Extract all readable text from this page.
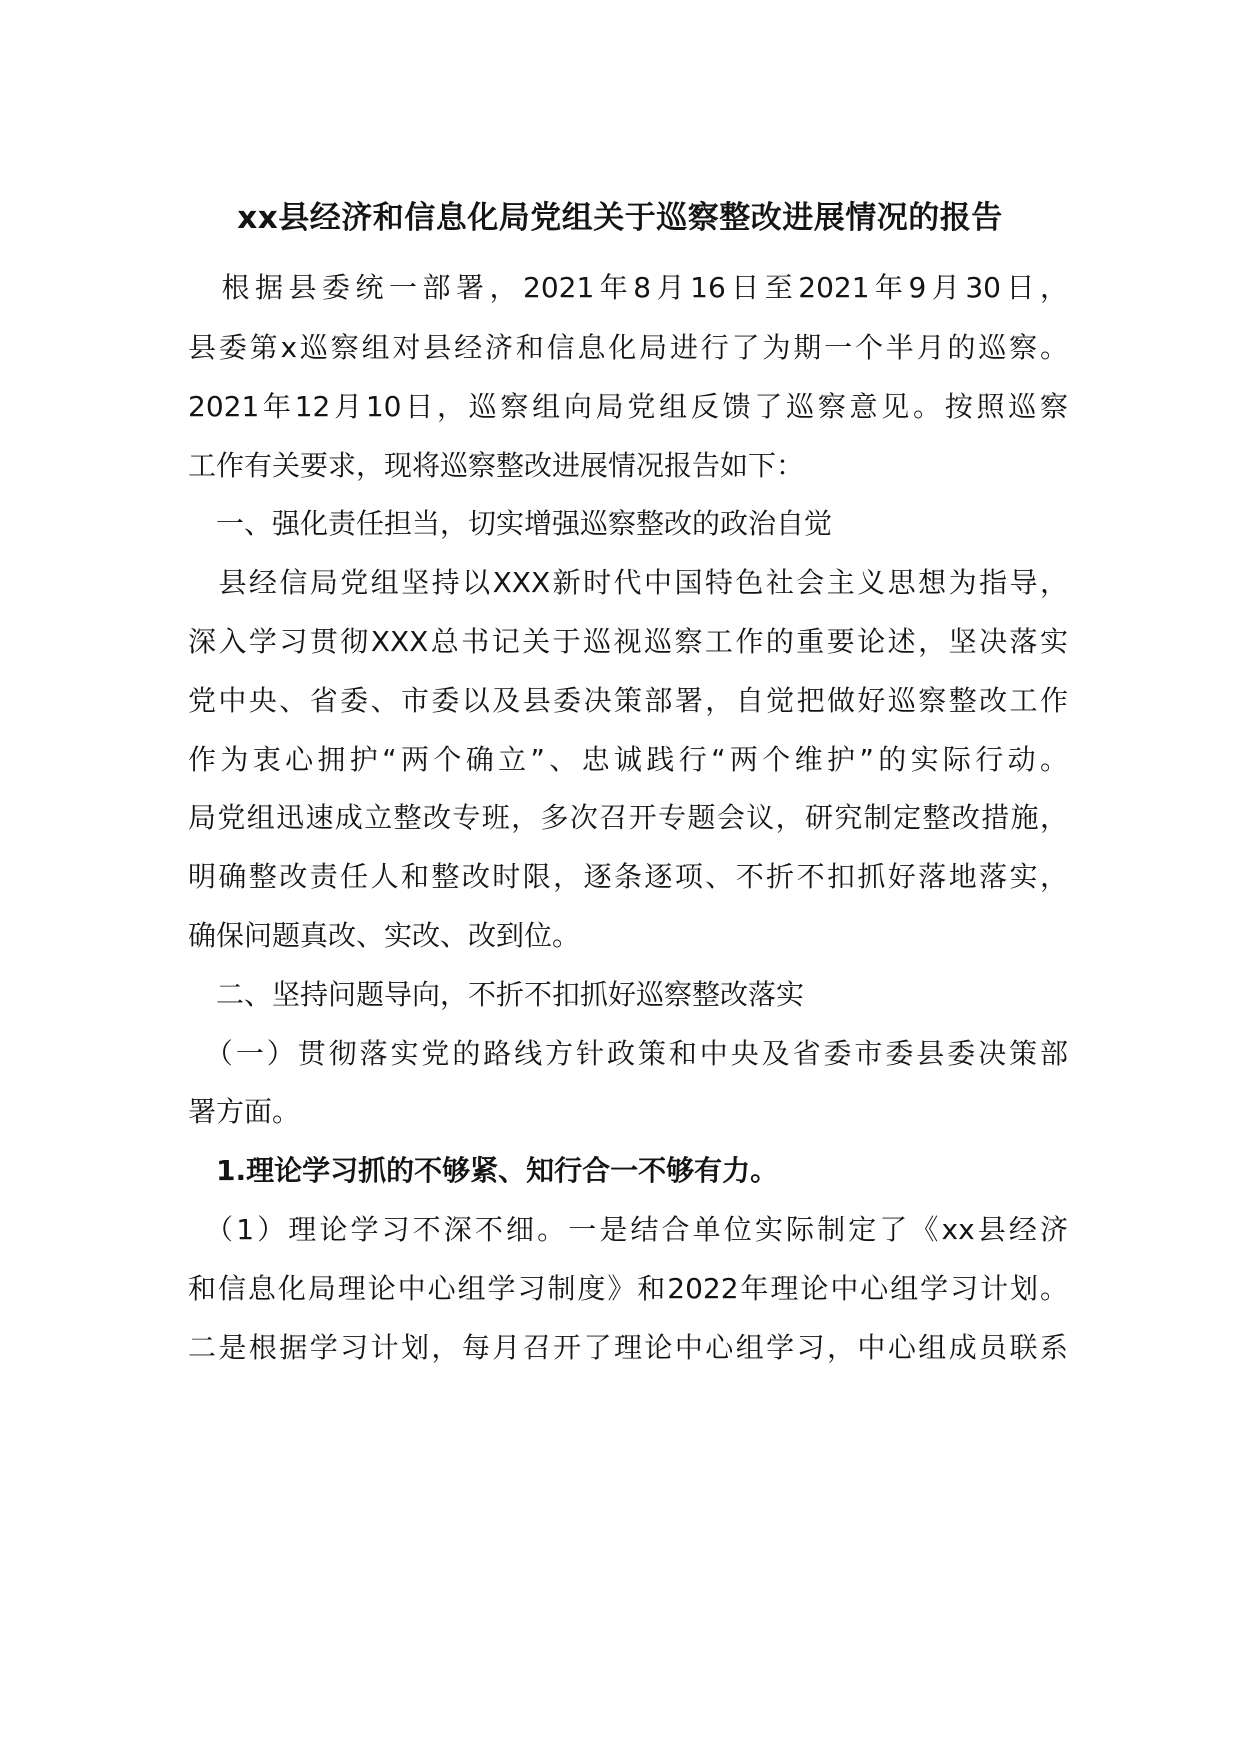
xx县经济和信息化局党组关于巡察整改进展情况的报告
　根据县委统一部署，2021年8月16日至2021年9月30日，
县委第x巡察组对县经济和信息化局进行了为期一个半月的巡察。
2021年12月10日，巡察组向局党组反馈了巡察意见。按照巡察
工作有关要求，现将巡察整改进展情况报告如下：
　一、强化责任担当，切实增强巡察整改的政治自觉
　县经信局党组坚持以XXX新时代中国特色社会主义思想为指导，
深入学习贯彻XXX总书记关于巡视巡察工作的重要论述，坚决落实
党中央、省委、市委以及县委决策部署，自觉把做好巡察整改工作
作为衷心拥护“两个确立”、忠诚践行“两个维护”的实际行动。
局党组迅速成立整改专班，多次召开专题会议，研究制定整改措施，
明确整改责任人和整改时限，逐条逐项、不折不扣抓好落地落实，
确保问题真改、实改、改到位。
　二、坚持问题导向，不折不扣抓好巡察整改落实
　（一）贯彻落实党的路线方针政策和中央及省委市委县委决策部
署方面。
　1.理论学习抓的不够紧、知行合一不够有力。
　（1）理论学习不深不细。一是结合单位实际制定了《xx县经济
和信息化局理论中心组学习制度》和2022年理论中心组学习计划。
二是根据学习计划，每月召开了理论中心组学习，中心组成员联系
